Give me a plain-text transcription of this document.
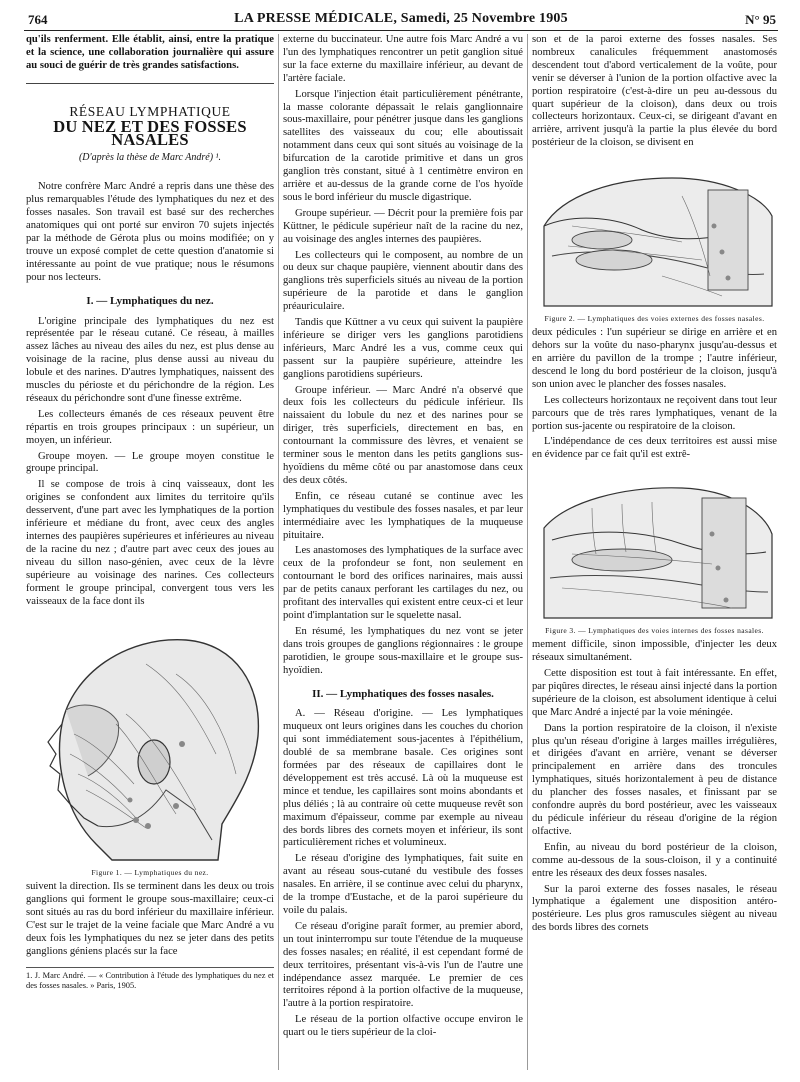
764	LA PRESSE MÉDICALE, Samedi, 25 Novembre 1905	N° 95

qu'ils renferment. Elle établit, ainsi, entre la pratique et la science, une collaboration journalière qui assure au souci de guérir de très grandes satisfactions.

RÉSEAU LYMPHATIQUE
DU NEZ ET DES FOSSES NASALES
(D'après la thèse de Marc André) ¹.

Notre confrère Marc André a repris dans une thèse des plus remarquables l'étude des lymphatiques du nez et des fosses nasales. Son travail est basé sur des recherches anatomiques qui ont porté sur environ 70 sujets injectés par la méthode de Gérota plus ou moins modifiée; on y trouve un exposé complet de cette question d'anatomie si intéressante au point de vue pratique; nous le résumons pour nos lecteurs.

I. — Lymphatiques du nez.

L'origine principale des lymphatiques du nez est représentée par le réseau cutané. Ce réseau, à mailles assez lâches au niveau des ailes du nez, est plus dense au voisinage de la racine, plus dense aussi au niveau du lobule et des narines. D'autres lymphatiques, naissent des muscles du périoste et du périchondre de la région. Les réseaux du périchondre sont d'une finesse extrême.

Les collecteurs émanés de ces réseaux peuvent être répartis en trois groupes principaux : un supérieur, un moyen, un inférieur.

Groupe moyen. — Le groupe moyen constitue le groupe principal.

Il se compose de trois à cinq vaisseaux, dont les origines se confondent aux limites du territoire qu'ils desservent, d'une part avec les lymphatiques de la portion inférieure et médiane du front, avec ceux des angles internes des paupières supérieures et inférieures au niveau de la racine du nez ; d'autre part avec ceux des joues au niveau du sillon naso-génien, avec ceux de la lèvre supérieure au voisinage des narines. Ces collecteurs forment le groupe principal, convergent tous vers les vaisseaux de la face dont ils

Figure 1. — Lymphatiques du nez.

suivent la direction. Ils se terminent dans les deux ou trois ganglions qui forment le groupe sous-maxillaire; ceux-ci sont situés au ras du bord inférieur du maxillaire inférieur. C'est sur le trajet de la veine faciale que Marc André a vu deux fois les lymphatiques du nez se jeter dans des petits ganglions géniens placés sur la face

1. J. Marc André. — « Contribution à l'étude des lymphatiques du nez et des fosses nasales. » Paris, 1905.

externe du buccinateur. Une autre fois Marc André a vu l'un des lymphatiques rencontrer un petit ganglion situé sur la face externe du maxillaire inférieur, au devant de l'artère faciale.

Lorsque l'injection était particulièrement pénétrante, la masse colorante dépassait le relais ganglionnaire sous-maxillaire, pour pénétrer jusque dans les ganglions satellites des vaisseaux du cou; elle aboutissait notamment dans ceux qui sont situés au voisinage de la bifurcation de la carotide primitive et dans un gros ganglion très constant, situé à 1 centimètre environ en arrière et au-dessus de la grande corne de l'os hyoïde sous le bord inférieur du muscle digastrique.

Groupe supérieur. — Décrit pour la première fois par Küttner, le pédicule supérieur naît de la racine du nez, au voisinage des angles internes des paupières.

Les collecteurs qui le composent, au nombre de un ou deux sur chaque paupière, viennent aboutir dans des ganglions très superficiels situés au niveau de la portion supérieure de la parotide et dans le ganglion préauriculaire.

Tandis que Küttner a vu ceux qui suivent la paupière inférieure se diriger vers les ganglions parotidiens inférieurs, Marc André les a vus, comme ceux qui passent sur la paupière supérieure, atteindre les ganglions parotidiens supérieurs.

Groupe inférieur. — Marc André n'a observé que deux fois les collecteurs du pédicule inférieur. Ils naissaient du lobule du nez et des narines pour se diriger, très superficiels, directement en bas, en contournant la commissure des lèvres, et venaient se terminer sous le menton dans les petits ganglions sus-hyoïdiens du même côté ou par anastomose dans ceux des deux côtés.

Enfin, ce réseau cutané se continue avec les lymphatiques du vestibule des fosses nasales, et par leur intermédiaire avec les lymphatiques de la muqueuse pituitaire.

Les anastomoses des lymphatiques de la surface avec ceux de la profondeur se font, non seulement en contournant le bord des orifices narinaires, mais aussi par de petits canaux perforant les cartilages du nez, ou profitant des intervalles qui existent entre ceux-ci et leur point d'implantation sur le squelette nasal.

En résumé, les lymphatiques du nez vont se jeter dans trois groupes de ganglions régionnaires : le groupe parotidien, le groupe sous-maxillaire et le groupe sus-hyoïdien.

II. — Lymphatiques des fosses nasales.

A. — Réseau d'origine. — Les lymphatiques muqueux ont leurs origines dans les couches du chorion qui sont immédiatement sous-jacentes à l'épithélium, doublé de sa membrane basale. Ces origines sont formées par des réseaux de capillaires dont le développement est très accusé. Là où la muqueuse est mince et tendue, les capillaires sont moins abondants et plus déliés ; là au contraire où cette muqueuse revêt son maximum d'épaisseur, comme par exemple au niveau des bords libres des cornets moyen et inférieur, ils sont particulièrement riches et volumineux.

Le réseau d'origine des lymphatiques, fait suite en avant au réseau sous-cutané du vestibule des fosses nasales. En arrière, il se continue avec celui du pharynx, de la trompe d'Eustache, et de la paroi supérieure du voile du palais.

Ce réseau d'origine paraît former, au premier abord, un tout ininterrompu sur toute l'étendue de la muqueuse des fosses nasales; en réalité, il est cependant formé de deux territoires, présentant vis-à-vis l'un de l'autre une indépendance assez marquée. Le premier de ces territoires répond à la portion olfactive de la muqueuse, l'autre à la portion respiratoire.

Le réseau de la portion olfactive occupe environ le quart ou le tiers supérieur de la cloi-

son et de la paroi externe des fosses nasales. Ses nombreux canalicules fréquemment anastomosés descendent tout d'abord verticalement de la voûte, pour venir se déverser à l'union de la portion olfactive avec la portion respiratoire (c'est-à-dire un peu au-dessous du quart supérieur de la cloison), dans deux ou trois collecteurs horizontaux. Ceux-ci, se dirigeant d'avant en arrière, arrivent jusqu'à la partie la plus élevée du bord postérieur de la cloison, se divisent en

Figure 2. — Lymphatiques des voies externes des fosses nasales.

deux pédicules : l'un supérieur se dirige en arrière et en dehors sur la voûte du naso-pharynx jusqu'au-dessus et en arrière du pavillon de la trompe ; l'autre inférieur, descend le long du bord postérieur de la cloison, jusqu'à son union avec le plancher des fosses nasales.

Les collecteurs horizontaux ne reçoivent dans tout leur parcours que de très rares lymphatiques, venant de la portion sus-jacente ou respiratoire de la cloison.

L'indépendance de ces deux territoires est aussi mise en évidence par ce fait qu'il est extrê-

Figure 3. — Lymphatiques des voies internes des fosses nasales.

mement difficile, sinon impossible, d'injecter les deux réseaux simultanément.

Cette disposition est tout à fait intéressante. En effet, par piqûres directes, le réseau ainsi injecté dans la portion supérieure de la cloison, est absolument identique à celui que Marc André a injecté par la voie méningée.

Dans la portion respiratoire de la cloison, il n'existe plus qu'un réseau d'origine à larges mailles irrégulières, et dirigées d'avant en arrière, venant se déverser principalement en arrière dans des troncules lymphatiques, situés horizontalement à peu de distance du plancher des fosses nasales, et finissant par se confondre auprès du bord postérieur, avec les vaisseaux du pédicule inférieur du réseau d'origine de la région olfactive.

Enfin, au niveau du bord postérieur de la cloison, comme au-dessous de la sous-cloison, il y a continuité entre les réseaux des deux fosses nasales.

Sur la paroi externe des fosses nasales, le réseau lymphatique a également une disposition antéro-postérieure. Les plus gros ramuscules siègent au niveau des bords libres des cornets
